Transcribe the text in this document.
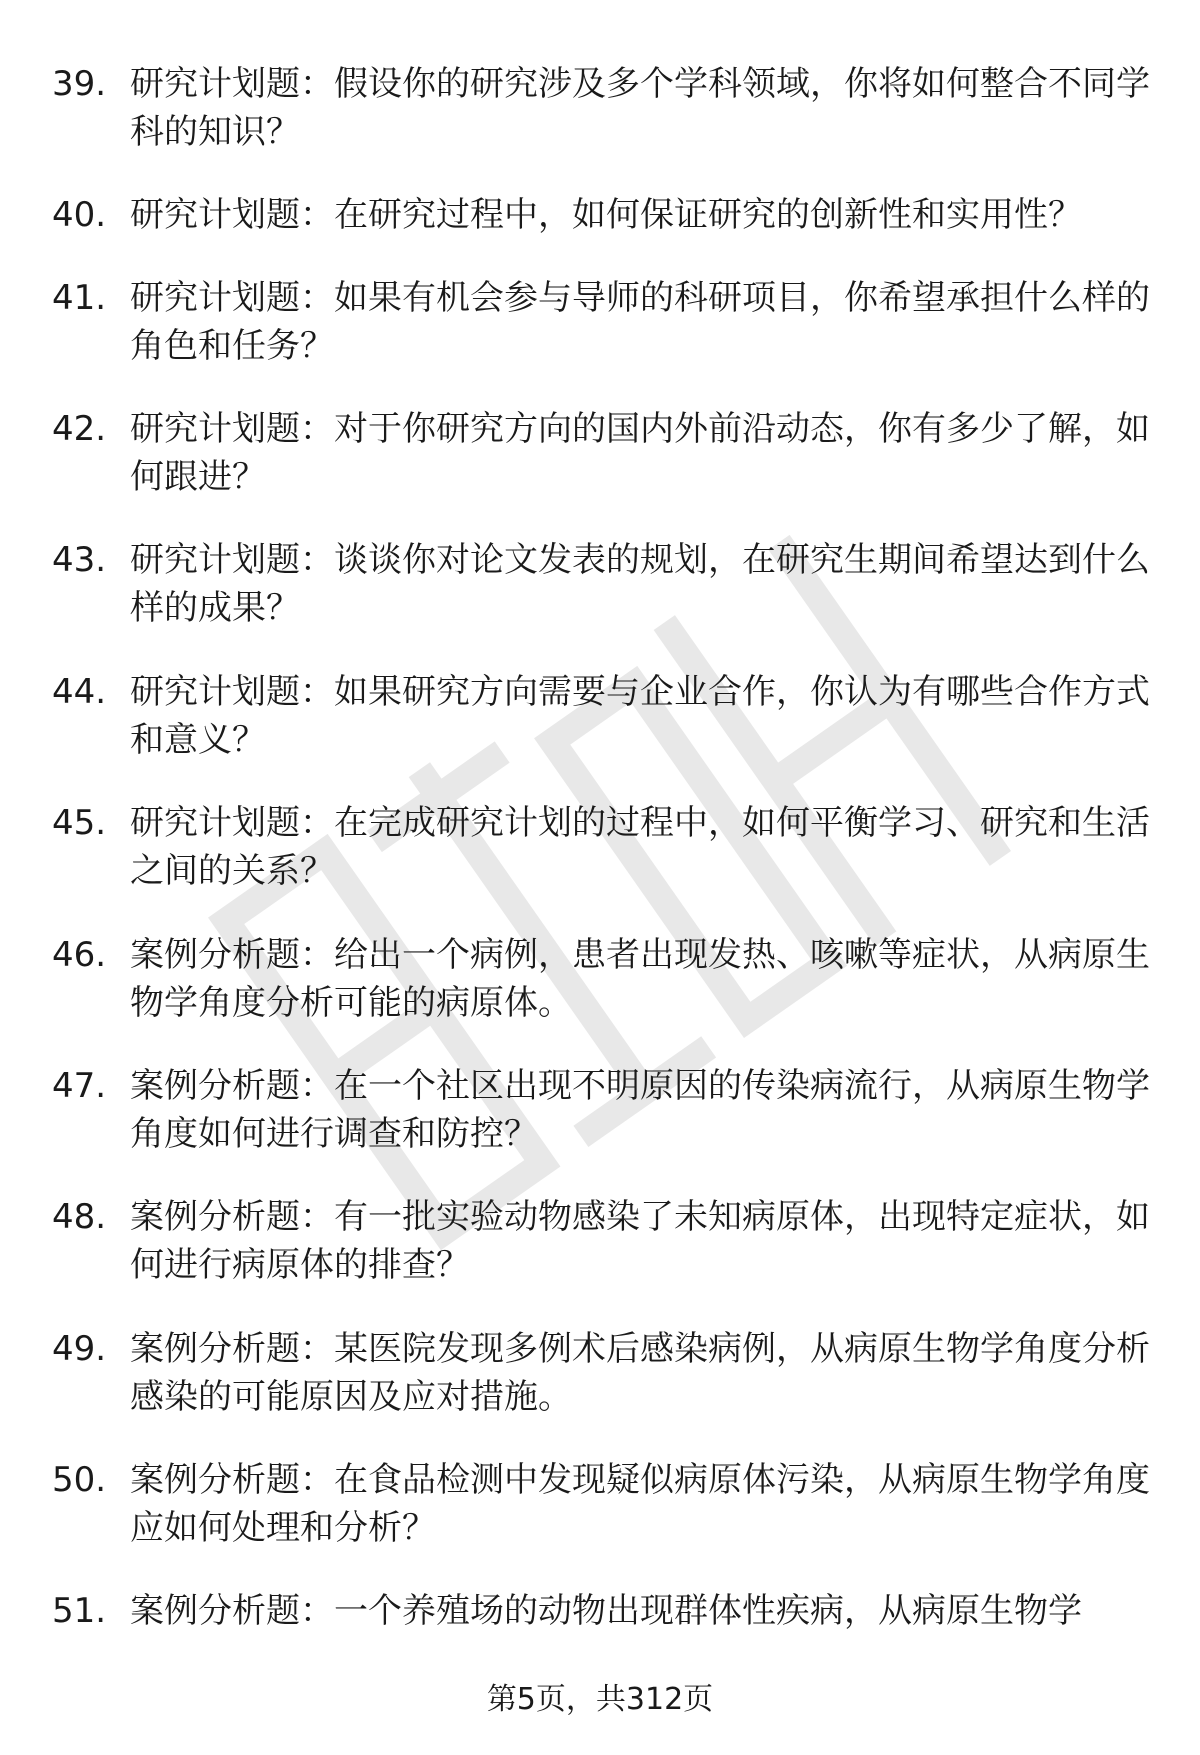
39. 研究计划题：假设你的研究涉及多个学科领域，你将如何整合不同学科的知识？
40. 研究计划题：在研究过程中，如何保证研究的创新性和实用性？
41. 研究计划题：如果有机会参与导师的科研项目，你希望承担什么样的角色和任务？
42. 研究计划题：对于你研究方向的国内外前沿动态，你有多少了解，如何跟进？
43. 研究计划题：谈谈你对论文发表的规划，在研究生期间希望达到什么样的成果？
44. 研究计划题：如果研究方向需要与企业合作，你认为有哪些合作方式和意义？
45. 研究计划题：在完成研究计划的过程中，如何平衡学习、研究和生活之间的关系？
46. 案例分析题：给出一个病例，患者出现发热、咳嗽等症状，从病原生物学角度分析可能的病原体。
47. 案例分析题：在一个社区出现不明原因的传染病流行，从病原生物学角度如何进行调查和防控？
48. 案例分析题：有一批实验动物感染了未知病原体，出现特定症状，如何进行病原体的排查？
49. 案例分析题：某医院发现多例术后感染病例，从病原生物学角度分析感染的可能原因及应对措施。
50. 案例分析题：在食品检测中发现疑似病原体污染，从病原生物学角度应如何处理和分析？
51. 案例分析题：一个养殖场的动物出现群体性疾病，从病原生物学
第5页，共312页
